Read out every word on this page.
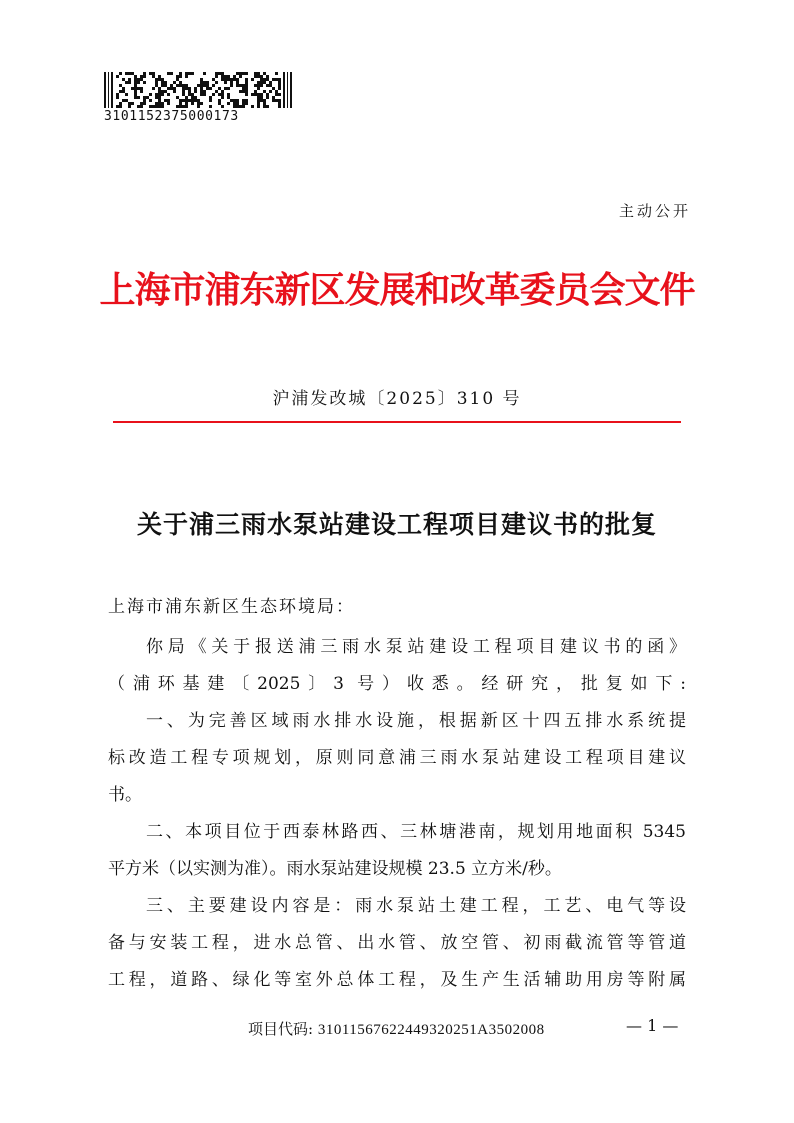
3101152375000173
主动公开
上海市浦东新区发展和改革委员会文件
沪浦发改城〔2025〕310 号
关于浦三雨水泵站建设工程项目建议书的批复
上海市浦东新区生态环境局：
你局《关于报送浦三雨水泵站建设工程项目建议书的函》
（浦环基建〔2025〕3 号）收悉。经研究，批复如下:
一、为完善区域雨水排水设施，根据新区十四五排水系统提
标改造工程专项规划，原则同意浦三雨水泵站建设工程项目建议
书。
二、本项目位于西泰林路西、三林塘港南，规划用地面积 5345
平方米（以实测为准）。雨水泵站建设规模 23.5 立方米/秒。
三、主要建设内容是：雨水泵站土建工程，工艺、电气等设
备与安装工程，进水总管、出水管、放空管、初雨截流管等管道
工程，道路、绿化等室外总体工程，及生产生活辅助用房等附属
项目代码: 31011567622449320251A3502008	— 1 —
